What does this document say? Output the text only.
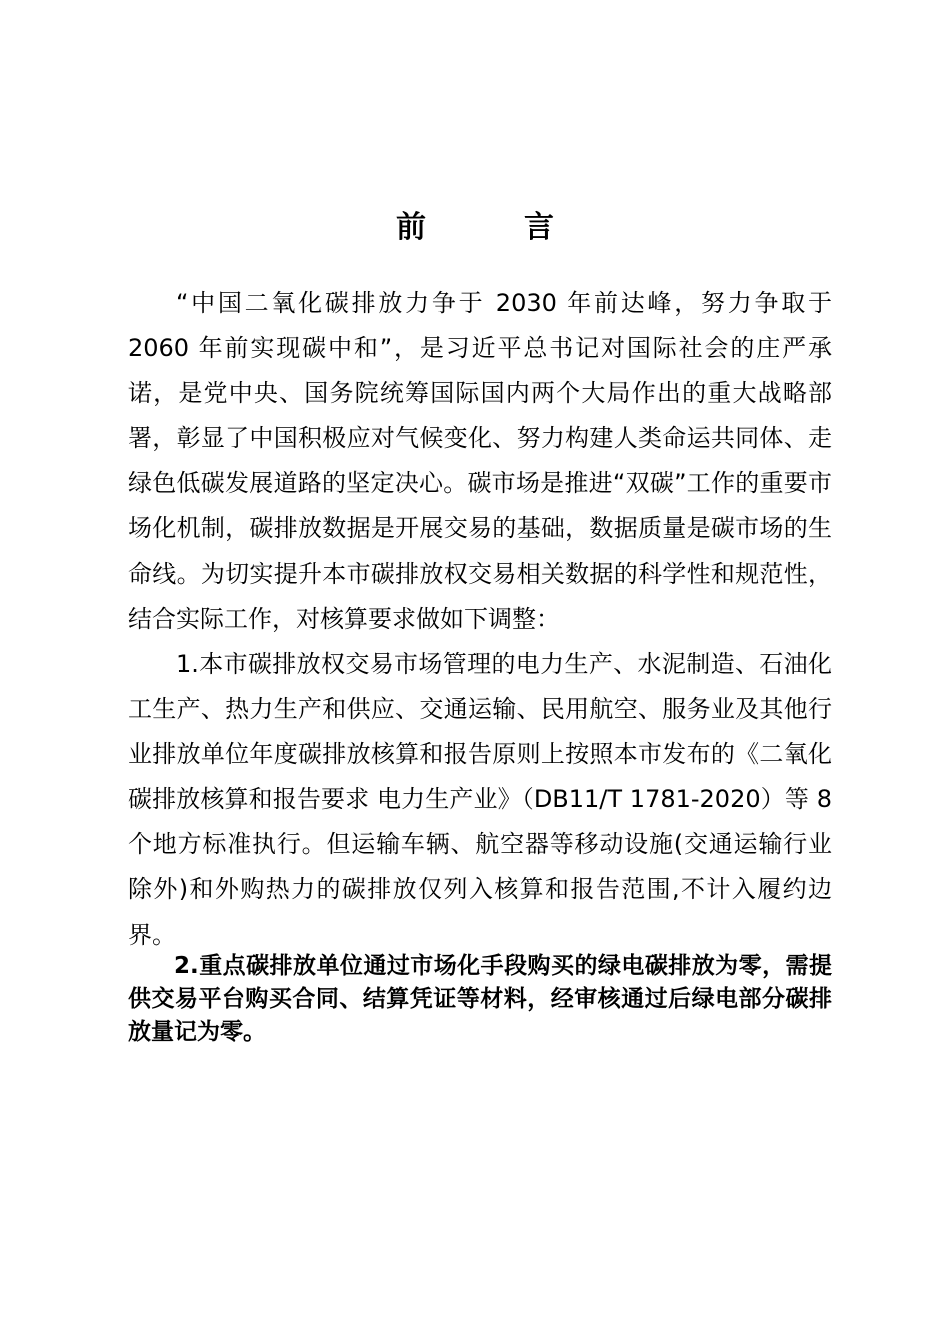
前　言

“中国二氧化碳排放力争于 2030 年前达峰，努力争取于 2060 年前实现碳中和”，是习近平总书记对国际社会的庄严承诺，是党中央、国务院统筹国际国内两个大局作出的重大战略部署，彰显了中国积极应对气候变化、努力构建人类命运共同体、走绿色低碳发展道路的坚定决心。碳市场是推进“双碳”工作的重要市场化机制，碳排放数据是开展交易的基础，数据质量是碳市场的生命线。为切实提升本市碳排放权交易相关数据的科学性和规范性，结合实际工作，对核算要求做如下调整：

1.本市碳排放权交易市场管理的电力生产、水泥制造、石油化工生产、热力生产和供应、交通运输、民用航空、服务业及其他行业排放单位年度碳排放核算和报告原则上按照本市发布的《二氧化碳排放核算和报告要求 电力生产业》（DB11/T 1781-2020）等 8 个地方标准执行。但运输车辆、航空器等移动设施(交通运输行业除外)和外购热力的碳排放仅列入核算和报告范围,不计入履约边界。

2.重点碳排放单位通过市场化手段购买的绿电碳排放为零，需提供交易平台购买合同、结算凭证等材料，经审核通过后绿电部分碳排放量记为零。
